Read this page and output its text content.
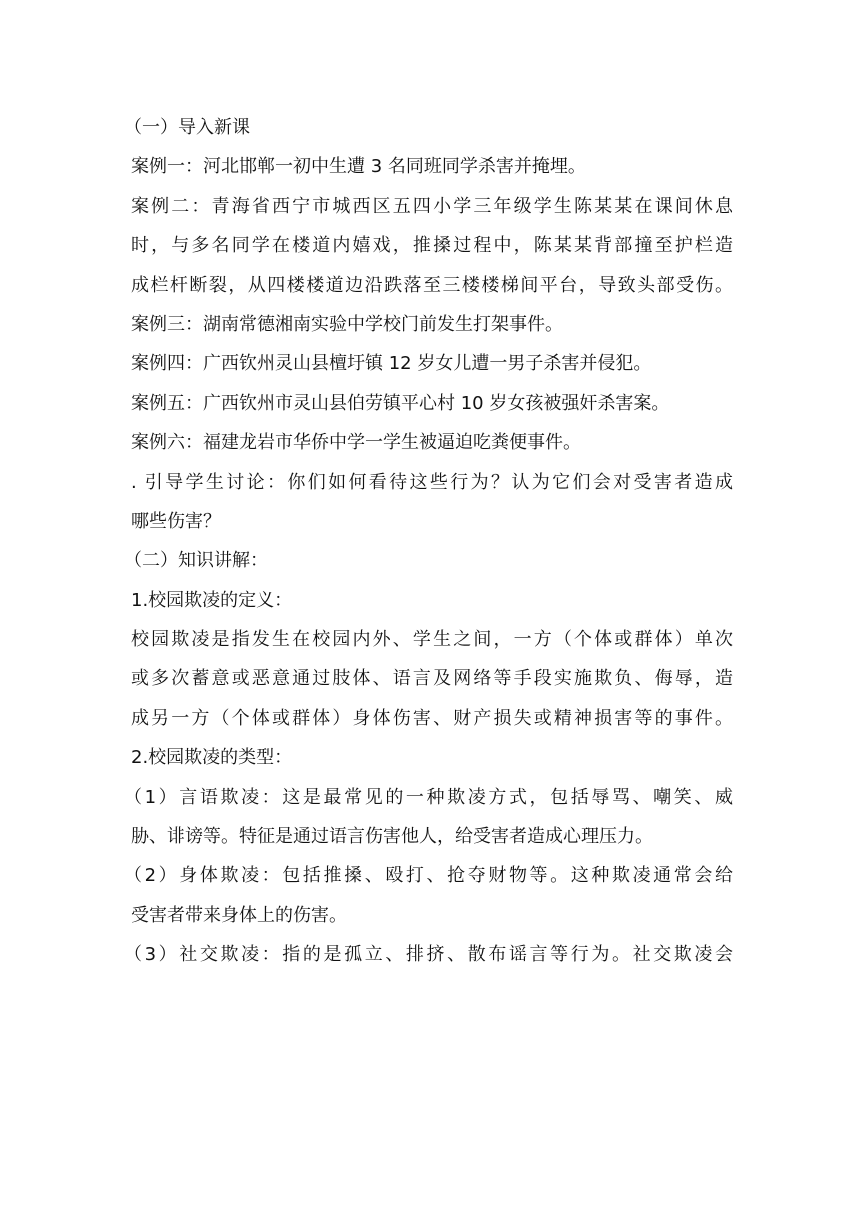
（一）导入新课
案例一：河北邯郸一初中生遭 3 名同班同学杀害并掩埋。
案例二：青海省西宁市城西区五四小学三年级学生陈某某在课间休息
时，与多名同学在楼道内嬉戏，推搡过程中，陈某某背部撞至护栏造
成栏杆断裂，从四楼楼道边沿跌落至三楼楼梯间平台，导致头部受伤。
案例三：湖南常德湘南实验中学校门前发生打架事件。
案例四：广西钦州灵山县檀圩镇 12 岁女儿遭一男子杀害并侵犯。
案例五：广西钦州市灵山县伯劳镇平心村 10 岁女孩被强奸杀害案。
案例六：福建龙岩市华侨中学一学生被逼迫吃粪便事件。
. 引导学生讨论：你们如何看待这些行为？认为它们会对受害者造成
哪些伤害？
（二）知识讲解：
1.校园欺凌的定义：
校园欺凌是指发生在校园内外、学生之间，一方（个体或群体）单次
或多次蓄意或恶意通过肢体、语言及网络等手段实施欺负、侮辱，造
成另一方（个体或群体）身体伤害、财产损失或精神损害等的事件。
2.校园欺凌的类型：
（1）言语欺凌：这是最常见的一种欺凌方式，包括辱骂、嘲笑、威
胁、诽谤等。特征是通过语言伤害他人，给受害者造成心理压力。
（2）身体欺凌：包括推搡、殴打、抢夺财物等。这种欺凌通常会给
受害者带来身体上的伤害。
（3）社交欺凌：指的是孤立、排挤、散布谣言等行为。社交欺凌会
